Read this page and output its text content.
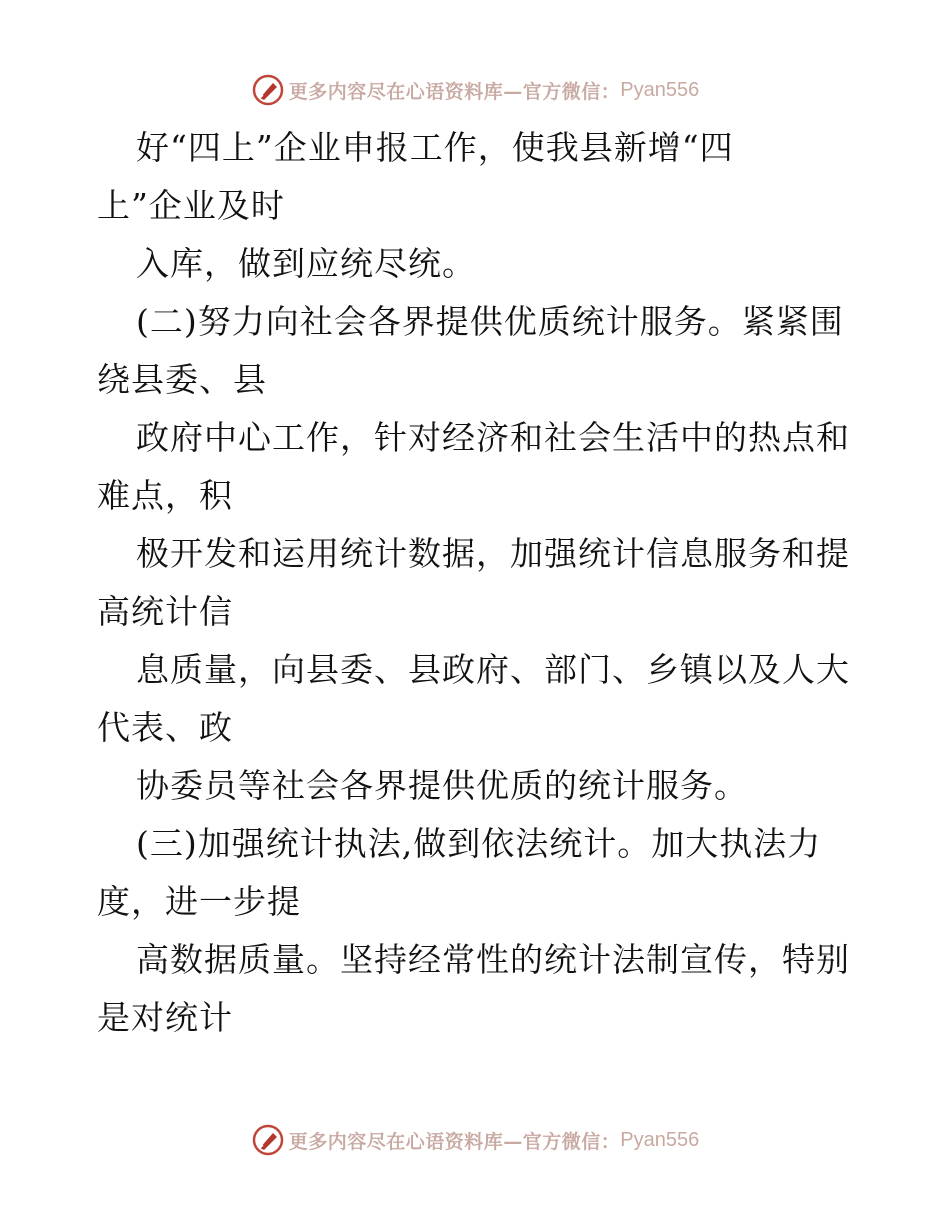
更多内容尽在心语资料库—官方微信： Pyan556
好“四上”企业申报工作，使我县新增“四
上”企业及时
入库，做到应统尽统。
(二)努力向社会各界提供优质统计服务。紧紧围
绕县委、县
政府中心工作，针对经济和社会生活中的热点和
难点，积
极开发和运用统计数据，加强统计信息服务和提
高统计信
息质量，向县委、县政府、部门、乡镇以及人大
代表、政
协委员等社会各界提供优质的统计服务。
(三)加强统计执法,做到依法统计。加大执法力
度，进一步提
高数据质量。坚持经常性的统计法制宣传，特别
是对统计
更多内容尽在心语资料库—官方微信： Pyan556
